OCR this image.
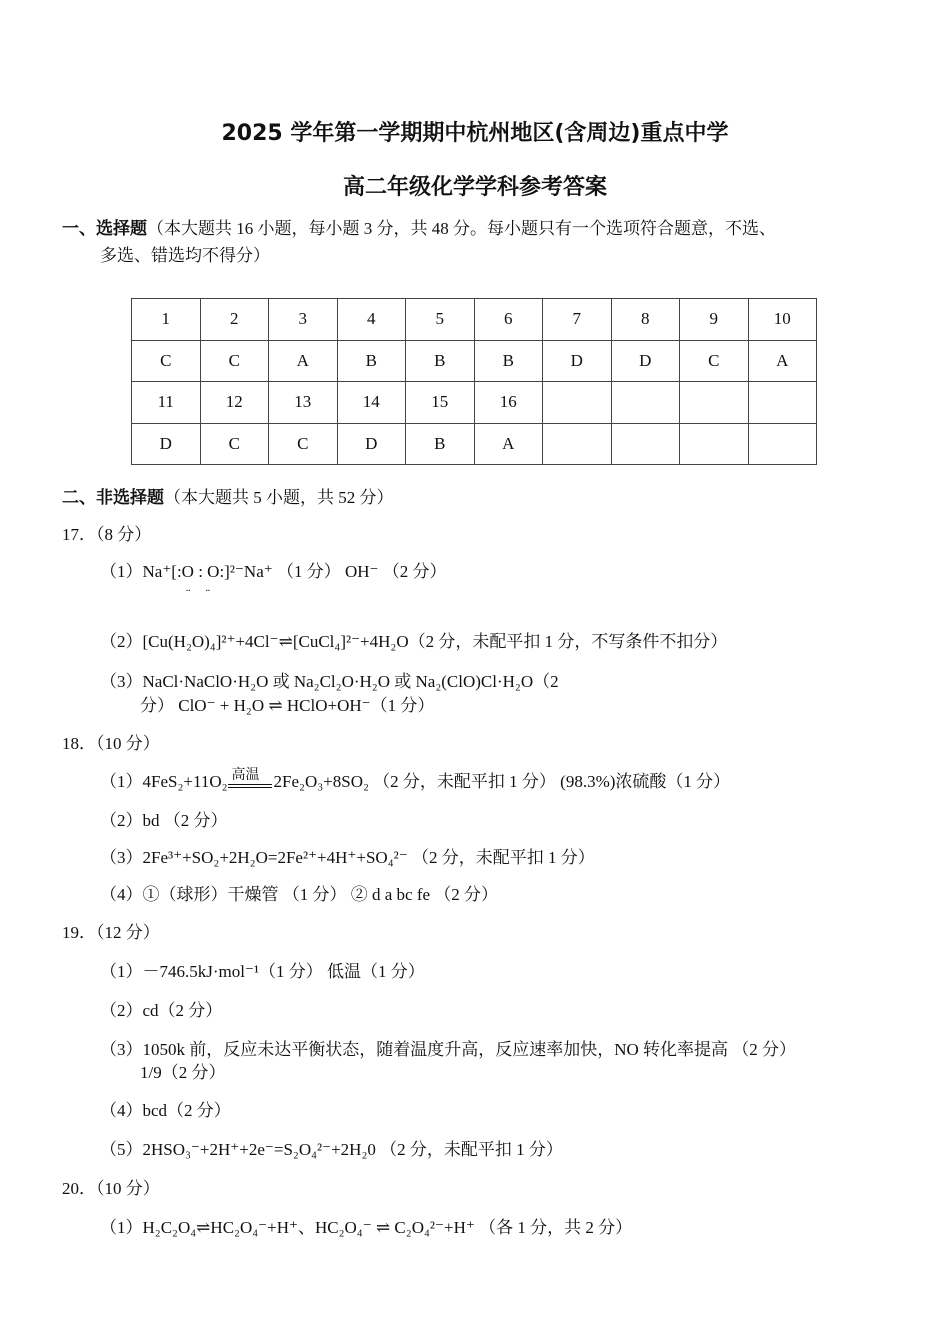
2025 学年第一学期期中杭州地区(含周边)重点中学
高二年级化学学科参考答案
一、选择题（本大题共 16 小题，每小题 3 分，共 48 分。每小题只有一个选项符合题意，不选、
多选、错选均不得分）
1	2	3	4	5	6	7	8	9	10
C	C	A	B	B	B	D	D	C	A
11	12	13	14	15	16				
D	C	C	D	B	A				
二、非选择题（本大题共 5 小题，共 52 分）
17．（8 分）
（1）Na⁺[:O : O:]²⁻Na⁺ （1 分） OH⁻ （2 分）
¨ ¨
（2）[Cu(H₂O)₄]²⁺+4Cl⁻⇌[CuCl₄]²⁻+4H₂O（2 分，未配平扣 1 分，不写条件不扣分）
（3）NaCl·NaClO·H₂O 或 Na₂Cl₂O·H₂O 或 Na₂(ClO)Cl·H₂O（2
分） ClO⁻ + H₂O ⇌ HClO+OH⁻（1 分）
18．（10 分）
（1）4FeS₂+11O₂ 高温 2Fe₂O₃+8SO₂ （2 分，未配平扣 1 分） (98.3%)浓硫酸（1 分）
（2）bd （2 分）
（3）2Fe³⁺+SO₂+2H₂O=2Fe²⁺+4H⁺+SO₄²⁻ （2 分，未配平扣 1 分）
（4）①（球形）干燥管 （1 分） ② d a bc fe （2 分）
19．（12 分）
（1）－746.5kJ·mol⁻¹（1 分） 低温（1 分）
（2）cd（2 分）
（3）1050k 前，反应未达平衡状态，随着温度升高，反应速率加快，NO 转化率提高 （2 分）
1/9（2 分）
（4）bcd（2 分）
（5）2HSO₃⁻+2H⁺+2e⁻=S₂O₄²⁻+2H₂0 （2 分，未配平扣 1 分）
20．（10 分）
（1）H₂C₂O₄⇌HC₂O₄⁻+H⁺、HC₂O₄⁻ ⇌ C₂O₄²⁻+H⁺ （各 1 分，共 2 分）
